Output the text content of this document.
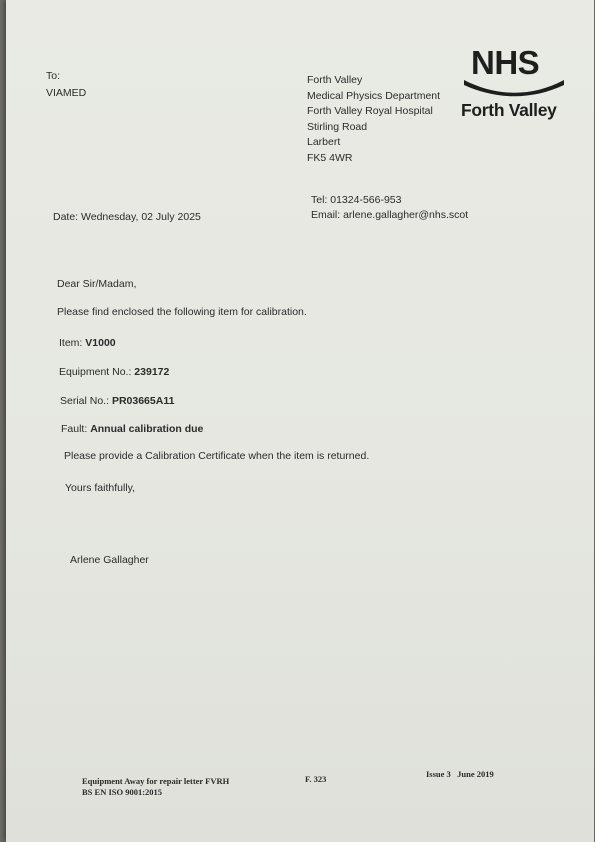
To:
VIAMED
Forth Valley
Medical Physics Department
Forth Valley Royal Hospital
Stirling Road
Larbert
FK5 4WR
NHS
Forth Valley
Tel: 01324-566-953
Email: arlene.gallagher@nhs.scot
Date: Wednesday, 02 July 2025
Dear Sir/Madam,
Please find enclosed the following item for calibration.
Item: V1000
Equipment No.: 239172
Serial No.: PR03665A11
Fault: Annual calibration due
Please provide a Calibration Certificate when the item is returned.
Yours faithfully,
Arlene Gallagher
Equipment Away for repair letter FVRH
BS EN ISO 9001:2015
F. 323	Issue 3   June 2019
